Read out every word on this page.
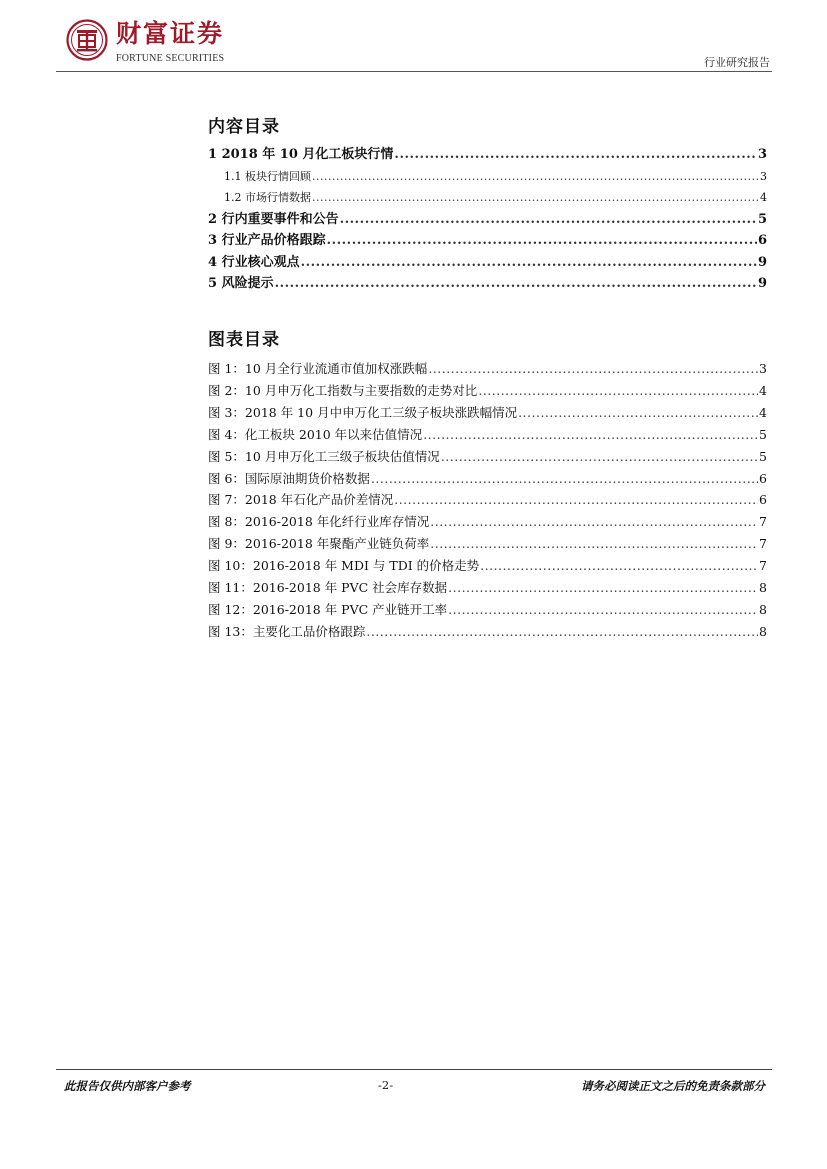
财富证券
FORTUNE SECURITIES	行业研究报告
内容目录
1 2018 年 10 月化工板块行情 .....	3
1.1 板块行情回顾 .....	3
1.2 市场行情数据 .....	4
2 行内重要事件和公告 .....	5
3 行业产品价格跟踪 .....	6
4 行业核心观点 .....	9
5 风险提示 .....	9
图表目录
图 1：10 月全行业流通市值加权涨跌幅 .....	3
图 2：10 月申万化工指数与主要指数的走势对比 .....	4
图 3：2018 年 10 月中申万化工三级子板块涨跌幅情况 .....	4
图 4：化工板块 2010 年以来估值情况 .....	5
图 5：10 月申万化工三级子板块估值情况 .....	5
图 6：国际原油期货价格数据 .....	6
图 7：2018 年石化产品价差情况 .....	6
图 8：2016-2018 年化纤行业库存情况 .....	7
图 9：2016-2018 年聚酯产业链负荷率 .....	7
图 10：2016-2018 年 MDI 与 TDI 的价格走势 .....	7
图 11：2016-2018 年 PVC 社会库存数据 .....	8
图 12：2016-2018 年 PVC 产业链开工率 .....	8
图 13：主要化工品价格跟踪 .....	8
此报告仅供内部客户参考	-2-	请务必阅读正文之后的免责条款部分
